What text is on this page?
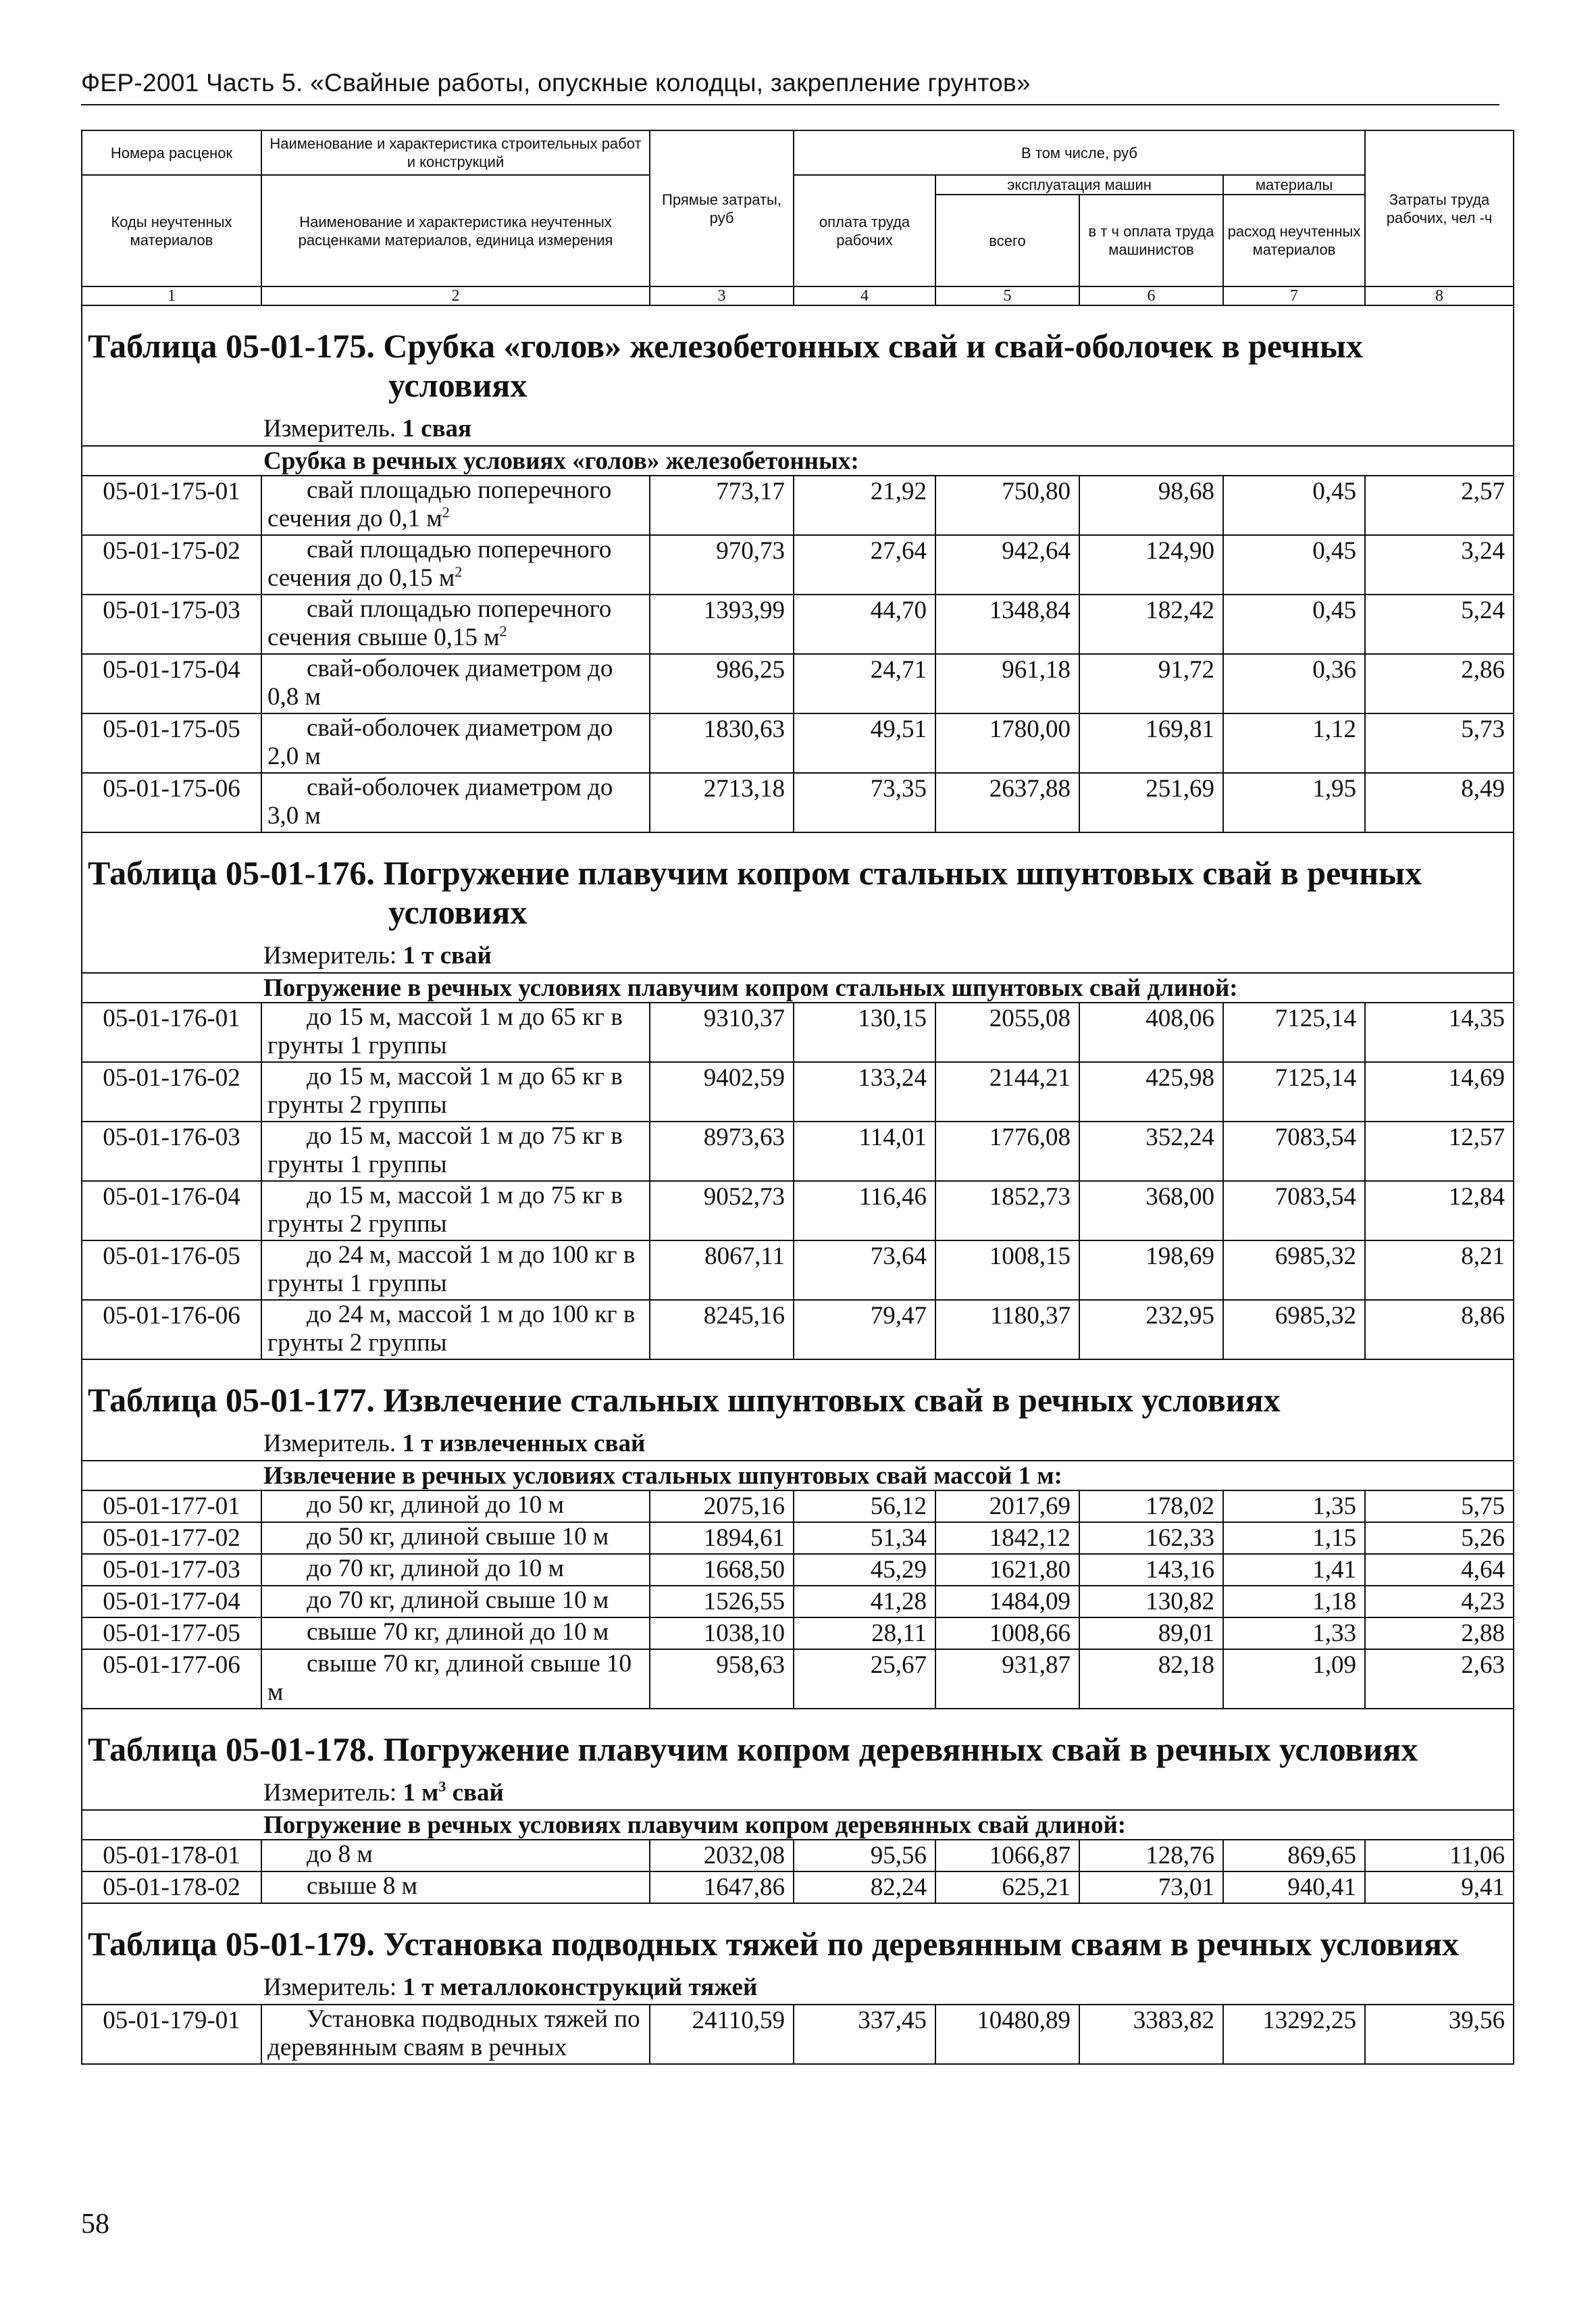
ФЕР-2001 Часть 5. «Свайные работы, опускные колодцы, закрепление грунтов»
Номера расценок	Наименование и характеристика строительных работ и конструкций	Прямые затраты, руб	В том числе, руб				Затраты труда рабочих, чел -ч
Коды неучтенных материалов	Наименование и характеристика неучтенных расценками материалов, единица измерения		оплата труда рабочих	эксплуатация машин		материалы	
				всего	в т ч оплата труда машинистов	расход неучтенных материалов	
1	2	3	4	5	6	7	8
Таблица 05-01-175. Срубка «голов» железобетонных свай и свай-оболочек в речных
условиях							

Измеритель. 1 свая							
Срубка в речных условиях «голов» железобетонных:							
05-01-175-01	свай площадью поперечного
сечения до 0,1 $м^2$	773,17	21,92	750,80	98,68	0,45	2,57
05-01-175-02	свай площадью поперечного
сечения до 0,15 $м^2$	970,73	27,64	942,64	124,90	0,45	3,24
05-01-175-03	свай площадью поперечного
сечения свыше 0,15 $м^2$	1393,99	44,70	1348,84	182,42	0,45	5,24
05-01-175-04	свай-оболочек диаметром до
0,8 м	986,25	24,71	961,18	91,72	0,36	2,86
05-01-175-05	свай-оболочек диаметром до
2,0 м	1830,63	49,51	1780,00	169,81	1,12	5,73
05-01-175-06	свай-оболочек диаметром до
3,0 м	2713,18	73,35	2637,88	251,69	1,95	8,49
Таблица 05-01-176. Погружение плавучим копром стальных шпунтовых свай в речных
условиях							

Измеритель: 1 т свай							
Погружение в речных условиях плавучим копром стальных шпунтовых свай длиной:							
05-01-176-01	до 15 м, массой 1 м до 65 кг в
грунты 1 группы	9310,37	130,15	2055,08	408,06	7125,14	14,35
05-01-176-02	до 15 м, массой 1 м до 65 кг в
грунты 2 группы	9402,59	133,24	2144,21	425,98	7125,14	14,69
05-01-176-03	до 15 м, массой 1 м до 75 кг в
грунты 1 группы	8973,63	114,01	1776,08	352,24	7083,54	12,57
05-01-176-04	до 15 м, массой 1 м до 75 кг в
грунты 2 группы	9052,73	116,46	1852,73	368,00	7083,54	12,84
05-01-176-05	до 24 м, массой 1 м до 100 кг в
грунты 1 группы	8067,11	73,64	1008,15	198,69	6985,32	8,21
05-01-176-06	до 24 м, массой 1 м до 100 кг в
грунты 2 группы	8245,16	79,47	1180,37	232,95	6985,32	8,86
Таблица 05-01-177. Извлечение стальных шпунтовых свай в речных условиях							
Измеритель. 1 т извлеченных свай							
Извлечение в речных условиях стальных шпунтовых свай массой 1 м:							
05-01-177-01	до 50 кг, длиной до 10 м	2075,16	56,12	2017,69	178,02	1,35	5,75
05-01-177-02	до 50 кг, длиной свыше 10 м	1894,61	51,34	1842,12	162,33	1,15	5,26
05-01-177-03	до 70 кг, длиной до 10 м	1668,50	45,29	1621,80	143,16	1,41	4,64
05-01-177-04	до 70 кг, длиной свыше 10 м	1526,55	41,28	1484,09	130,82	1,18	4,23
05-01-177-05	свыше 70 кг, длиной до 10 м	1038,10	28,11	1008,66	89,01	1,33	2,88
05-01-177-06	свыше 70 кг, длиной свыше 10
м	958,63	25,67	931,87	82,18	1,09	2,63
Таблица 05-01-178. Погружение плавучим копром деревянных свай в речных условиях							
Измеритель: 1 $м^3$ свай							
Погружение в речных условиях плавучим копром деревянных свай длиной:							
05-01-178-01	до 8 м	2032,08	95,56	1066,87	128,76	869,65	11,06
05-01-178-02	свыше 8 м	1647,86	82,24	625,21	73,01	940,41	9,41
Таблица 05-01-179. Установка подводных тяжей по деревянным сваям в речных условиях							
Измеритель: 1 т металлоконструкций тяжей							
05-01-179-01	Установка подводных тяжей по
деревянным сваям в речных	24110,59	337,45	10480,89	3383,82	13292,25	39,56
58
